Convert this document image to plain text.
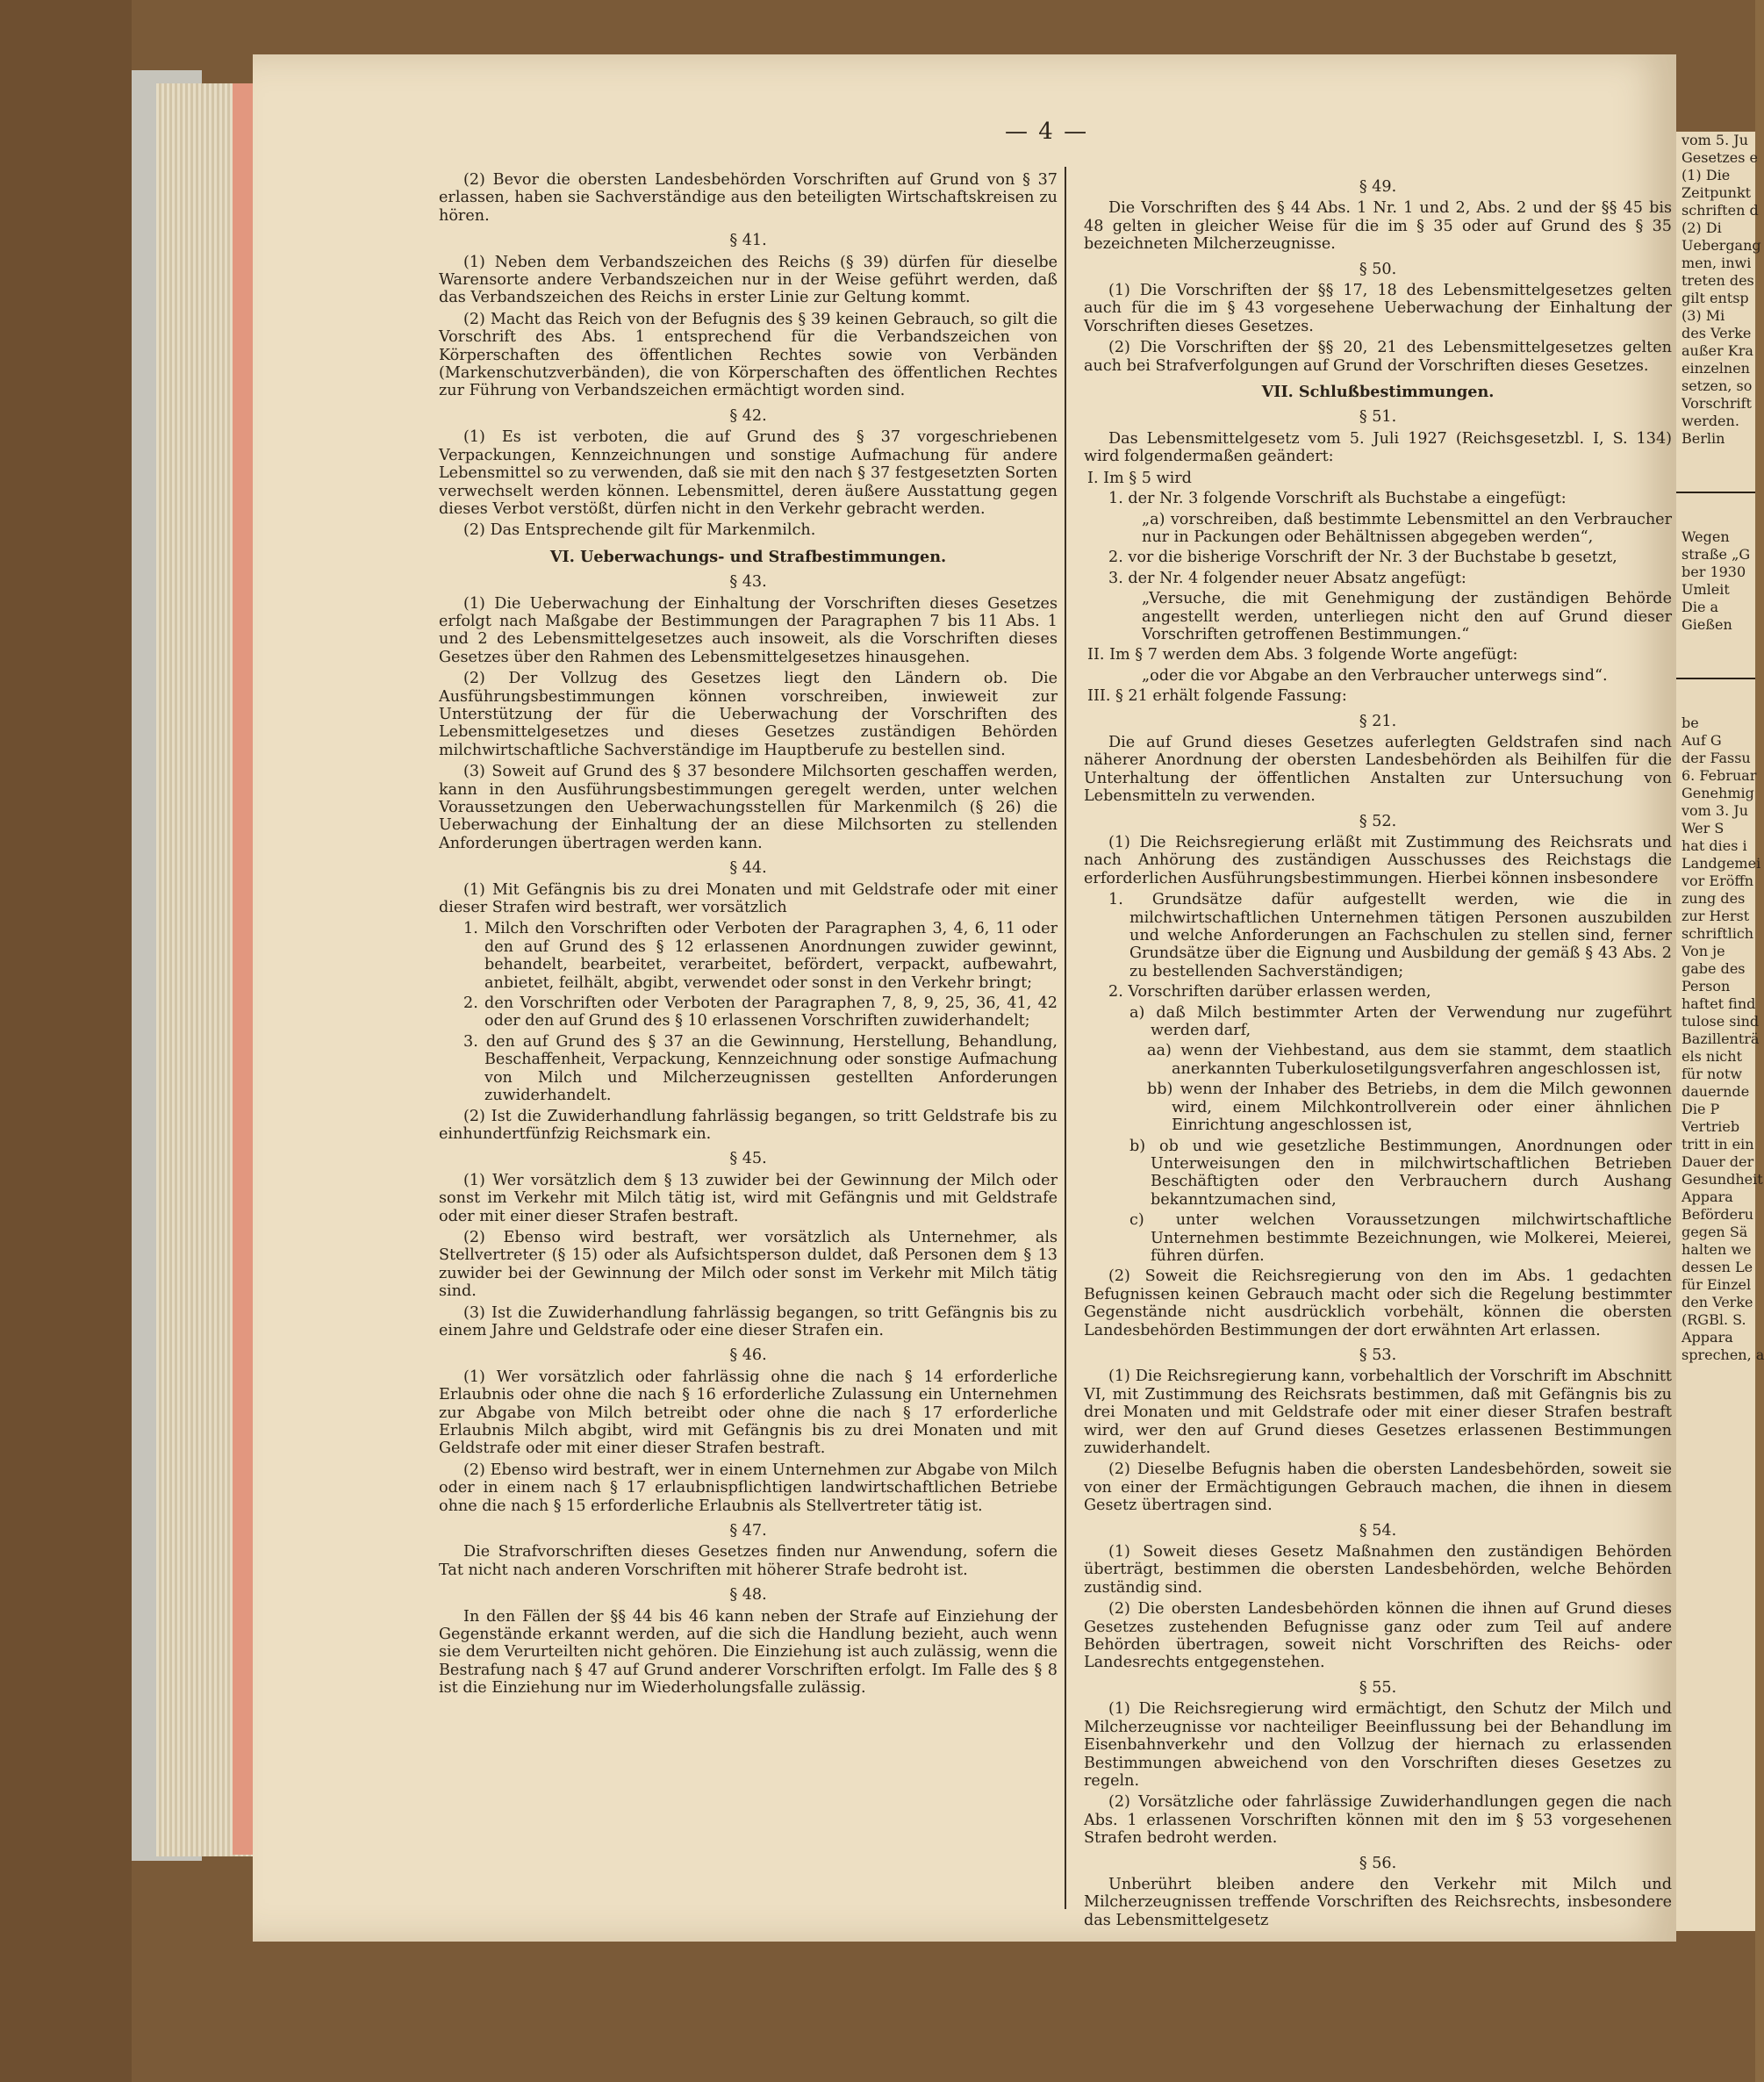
— 4 —

(2) Bevor die obersten Landesbehörden Vorschriften auf Grund von § 37 erlassen, haben sie Sachverständige aus den beteiligten Wirtschaftskreisen zu hören.

§ 41.

(1) Neben dem Verbandszeichen des Reichs (§ 39) dürfen für dieselbe Warensorte andere Verbandszeichen nur in der Weise geführt werden, daß das Verbandszeichen des Reichs in erster Linie zur Geltung kommt.

(2) Macht das Reich von der Befugnis des § 39 keinen Gebrauch, so gilt die Vorschrift des Abs. 1 entsprechend für die Verbandszeichen von Körperschaften des öffentlichen Rechtes sowie von Verbänden (Markenschutzverbänden), die von Körperschaften des öffentlichen Rechtes zur Führung von Verbandszeichen ermächtigt worden sind.

§ 42.

(1) Es ist verboten, die auf Grund des § 37 vorgeschriebenen Verpackungen, Kennzeichnungen und sonstige Aufmachung für andere Lebensmittel so zu verwenden, daß sie mit den nach § 37 festgesetzten Sorten verwechselt werden können. Lebensmittel, deren äußere Ausstattung gegen dieses Verbot verstößt, dürfen nicht in den Verkehr gebracht werden.

(2) Das Entsprechende gilt für Markenmilch.

VI. Ueberwachungs- und Strafbestimmungen.

§ 43.

(1) Die Ueberwachung der Einhaltung der Vorschriften dieses Gesetzes erfolgt nach Maßgabe der Bestimmungen der Paragraphen 7 bis 11 Abs. 1 und 2 des Lebensmittelgesetzes auch insoweit, als die Vorschriften dieses Gesetzes über den Rahmen des Lebensmittelgesetzes hinausgehen.

(2) Der Vollzug des Gesetzes liegt den Ländern ob. Die Ausführungsbestimmungen können vorschreiben, inwieweit zur Unterstützung der für die Ueberwachung der Vorschriften des Lebensmittelgesetzes und dieses Gesetzes zuständigen Behörden milchwirtschaftliche Sachverständige im Hauptberufe zu bestellen sind.

(3) Soweit auf Grund des § 37 besondere Milchsorten geschaffen werden, kann in den Ausführungsbestimmungen geregelt werden, unter welchen Voraussetzungen den Ueberwachungsstellen für Markenmilch (§ 26) die Ueberwachung der Einhaltung der an diese Milchsorten zu stellenden Anforderungen übertragen werden kann.

§ 44.

(1) Mit Gefängnis bis zu drei Monaten und mit Geldstrafe oder mit einer dieser Strafen wird bestraft, wer vorsätzlich

1. Milch den Vorschriften oder Verboten der Paragraphen 3, 4, 6, 11 oder den auf Grund des § 12 erlassenen Anordnungen zuwider gewinnt, behandelt, bearbeitet, verarbeitet, befördert, verpackt, aufbewahrt, anbietet, feilhält, abgibt, verwendet oder sonst in den Verkehr bringt;

2. den Vorschriften oder Verboten der Paragraphen 7, 8, 9, 25, 36, 41, 42 oder den auf Grund des § 10 erlassenen Vorschriften zuwiderhandelt;

3. den auf Grund des § 37 an die Gewinnung, Herstellung, Behandlung, Beschaffenheit, Verpackung, Kennzeichnung oder sonstige Aufmachung von Milch und Milcherzeugnissen gestellten Anforderungen zuwiderhandelt.

(2) Ist die Zuwiderhandlung fahrlässig begangen, so tritt Geldstrafe bis zu einhundertfünfzig Reichsmark ein.

§ 45.

(1) Wer vorsätzlich dem § 13 zuwider bei der Gewinnung der Milch oder sonst im Verkehr mit Milch tätig ist, wird mit Gefängnis und mit Geldstrafe oder mit einer dieser Strafen bestraft.

(2) Ebenso wird bestraft, wer vorsätzlich als Unternehmer, als Stellvertreter (§ 15) oder als Aufsichtsperson duldet, daß Personen dem § 13 zuwider bei der Gewinnung der Milch oder sonst im Verkehr mit Milch tätig sind.

(3) Ist die Zuwiderhandlung fahrlässig begangen, so tritt Gefängnis bis zu einem Jahre und Geldstrafe oder eine dieser Strafen ein.

§ 46.

(1) Wer vorsätzlich oder fahrlässig ohne die nach § 14 erforderliche Erlaubnis oder ohne die nach § 16 erforderliche Zulassung ein Unternehmen zur Abgabe von Milch betreibt oder ohne die nach § 17 erforderliche Erlaubnis Milch abgibt, wird mit Gefängnis bis zu drei Monaten und mit Geldstrafe oder mit einer dieser Strafen bestraft.

(2) Ebenso wird bestraft, wer in einem Unternehmen zur Abgabe von Milch oder in einem nach § 17 erlaubnispflichtigen landwirtschaftlichen Betriebe ohne die nach § 15 erforderliche Erlaubnis als Stellvertreter tätig ist.

§ 47.

Die Strafvorschriften dieses Gesetzes finden nur Anwendung, sofern die Tat nicht nach anderen Vorschriften mit höherer Strafe bedroht ist.

§ 48.

In den Fällen der §§ 44 bis 46 kann neben der Strafe auf Einziehung der Gegenstände erkannt werden, auf die sich die Handlung bezieht, auch wenn sie dem Verurteilten nicht gehören. Die Einziehung ist auch zulässig, wenn die Bestrafung nach § 47 auf Grund anderer Vorschriften erfolgt. Im Falle des § 8 ist die Einziehung nur im Wiederholungsfalle zulässig.

§ 49.

Die Vorschriften des § 44 Abs. 1 Nr. 1 und 2, Abs. 2 und der §§ 45 bis 48 gelten in gleicher Weise für die im § 35 oder auf Grund des § 35 bezeichneten Milcherzeugnisse.

§ 50.

(1) Die Vorschriften der §§ 17, 18 des Lebensmittelgesetzes gelten auch für die im § 43 vorgesehene Ueberwachung der Einhaltung der Vorschriften dieses Gesetzes.

(2) Die Vorschriften der §§ 20, 21 des Lebensmittelgesetzes gelten auch bei Strafverfolgungen auf Grund der Vorschriften dieses Gesetzes.

VII. Schlußbestimmungen.

§ 51.

Das Lebensmittelgesetz vom 5. Juli 1927 (Reichsgesetzbl. I, S. 134) wird folgendermaßen geändert:

I. Im § 5 wird

1. der Nr. 3 folgende Vorschrift als Buchstabe a eingefügt:

„a) vorschreiben, daß bestimmte Lebensmittel an den Verbraucher nur in Packungen oder Behältnissen abgegeben werden“,

2. vor die bisherige Vorschrift der Nr. 3 der Buchstabe b gesetzt,

3. der Nr. 4 folgender neuer Absatz angefügt:

„Versuche, die mit Genehmigung der zuständigen Behörde angestellt werden, unterliegen nicht den auf Grund dieser Vorschriften getroffenen Bestimmungen.“

II. Im § 7 werden dem Abs. 3 folgende Worte angefügt:

„oder die vor Abgabe an den Verbraucher unterwegs sind“.

III. § 21 erhält folgende Fassung:

§ 21.

Die auf Grund dieses Gesetzes auferlegten Geldstrafen sind nach näherer Anordnung der obersten Landesbehörden als Beihilfen für die Unterhaltung der öffentlichen Anstalten zur Untersuchung von Lebensmitteln zu verwenden.

§ 52.

(1) Die Reichsregierung erläßt mit Zustimmung des Reichsrats und nach Anhörung des zuständigen Ausschusses des Reichstags die erforderlichen Ausführungsbestimmungen. Hierbei können insbesondere

1. Grundsätze dafür aufgestellt werden, wie die in milchwirtschaftlichen Unternehmen tätigen Personen auszubilden und welche Anforderungen an Fachschulen zu stellen sind, ferner Grundsätze über die Eignung und Ausbildung der gemäß § 43 Abs. 2 zu bestellenden Sachverständigen;

2. Vorschriften darüber erlassen werden,

a) daß Milch bestimmter Arten der Verwendung nur zugeführt werden darf,

aa) wenn der Viehbestand, aus dem sie stammt, dem staatlich anerkannten Tuberkulosetilgungsverfahren angeschlossen ist,

bb) wenn der Inhaber des Betriebs, in dem die Milch gewonnen wird, einem Milchkontrollverein oder einer ähnlichen Einrichtung angeschlossen ist,

b) ob und wie gesetzliche Bestimmungen, Anordnungen oder Unterweisungen den in milchwirtschaftlichen Betrieben Beschäftigten oder den Verbrauchern durch Aushang bekanntzumachen sind,

c) unter welchen Voraussetzungen milchwirtschaftliche Unternehmen bestimmte Bezeichnungen, wie Molkerei, Meierei, führen dürfen.

(2) Soweit die Reichsregierung von den im Abs. 1 gedachten Befugnissen keinen Gebrauch macht oder sich die Regelung bestimmter Gegenstände nicht ausdrücklich vorbehält, können die obersten Landesbehörden Bestimmungen der dort erwähnten Art erlassen.

§ 53.

(1) Die Reichsregierung kann, vorbehaltlich der Vorschrift im Abschnitt VI, mit Zustimmung des Reichsrats bestimmen, daß mit Gefängnis bis zu drei Monaten und mit Geldstrafe oder mit einer dieser Strafen bestraft wird, wer den auf Grund dieses Gesetzes erlassenen Bestimmungen zuwiderhandelt.

(2) Dieselbe Befugnis haben die obersten Landesbehörden, soweit sie von einer der Ermächtigungen Gebrauch machen, die ihnen in diesem Gesetz übertragen sind.

§ 54.

(1) Soweit dieses Gesetz Maßnahmen den zuständigen Behörden überträgt, bestimmen die obersten Landesbehörden, welche Behörden zuständig sind.

(2) Die obersten Landesbehörden können die ihnen auf Grund dieses Gesetzes zustehenden Befugnisse ganz oder zum Teil auf andere Behörden übertragen, soweit nicht Vorschriften des Reichs- oder Landesrechts entgegenstehen.

§ 55.

(1) Die Reichsregierung wird ermächtigt, den Schutz der Milch und Milcherzeugnisse vor nachteiliger Beeinflussung bei der Behandlung im Eisenbahnverkehr und den Vollzug der hiernach zu erlassenden Bestimmungen abweichend von den Vorschriften dieses Gesetzes zu regeln.

(2) Vorsätzliche oder fahrlässige Zuwiderhandlungen gegen die nach Abs. 1 erlassenen Vorschriften können mit den im § 53 vorgesehenen Strafen bedroht werden.

§ 56.

Unberührt bleiben andere den Verkehr mit Milch und Milcherzeugnissen treffende Vorschriften des Reichsrechts, insbesondere das Lebensmittelgesetz

vom 5. Ju
Gesetzes e
(1) Die
Zeitpunkt
schriften d
(2) Di
Uebergang
men, inwi
treten des
gilt entsp
(3) Mi
des Verke
außer Kra
einzelnen
setzen, so
Vorschrift
werden.
Berlin
Wegen
straße „G
ber 1930
Umleit
Die a
Gießen
be
Auf G
der Fassu
6. Februar
Genehmig
vom 3. Ju
Wer S
hat dies i
Landgemei
vor Eröffn
zung des
zur Herst
schriftlich
Von je
gabe des
Person
haftet find
tulose sind
Bazillenträ
els nicht
für notw
dauernde
Die P
Vertrieb
tritt in ein
Dauer der
Gesundheit
Appara
Beförderu
gegen Sä
halten we
dessen Le
für Einzel
den Verke
(RGBl. S.
Appara
sprechen, a
